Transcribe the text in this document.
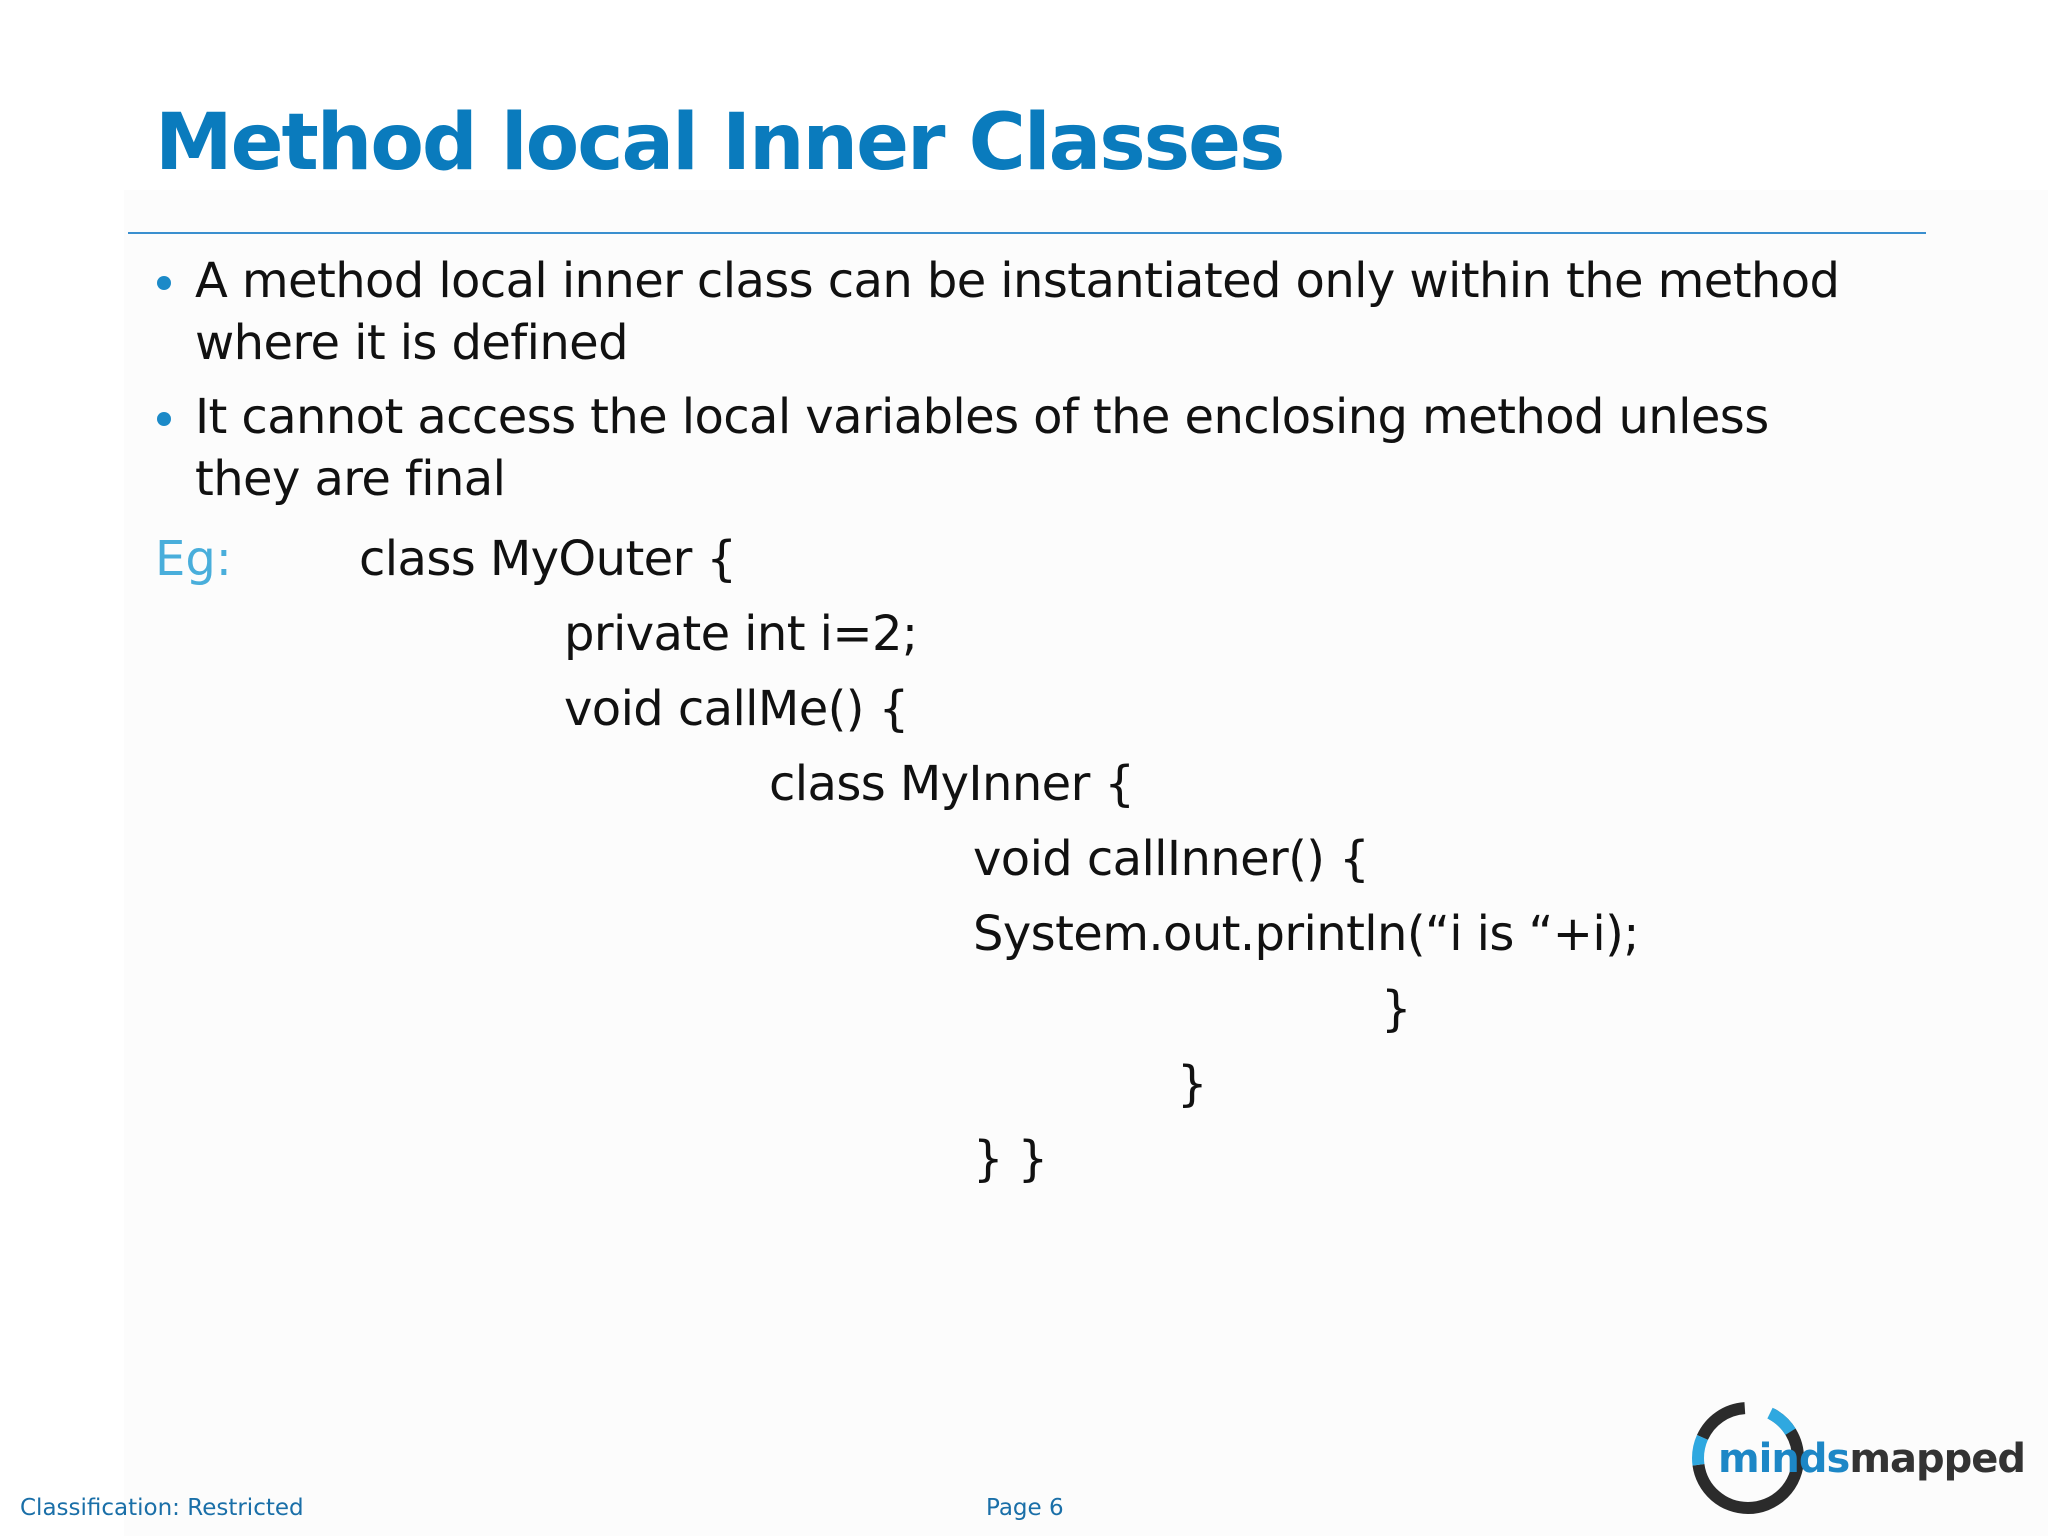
Method local Inner Classes
A method local inner class can be instantiated only within the method where it is defined
It cannot access the local variables of the enclosing method unless they are final
Eg:	class MyOuter {
private int i=2;
void callMe() {
class MyInner {
void callInner() {
System.out.println(“i is “+i);
}
}
} }
Classification: Restricted	Page 6
mindsmapped
